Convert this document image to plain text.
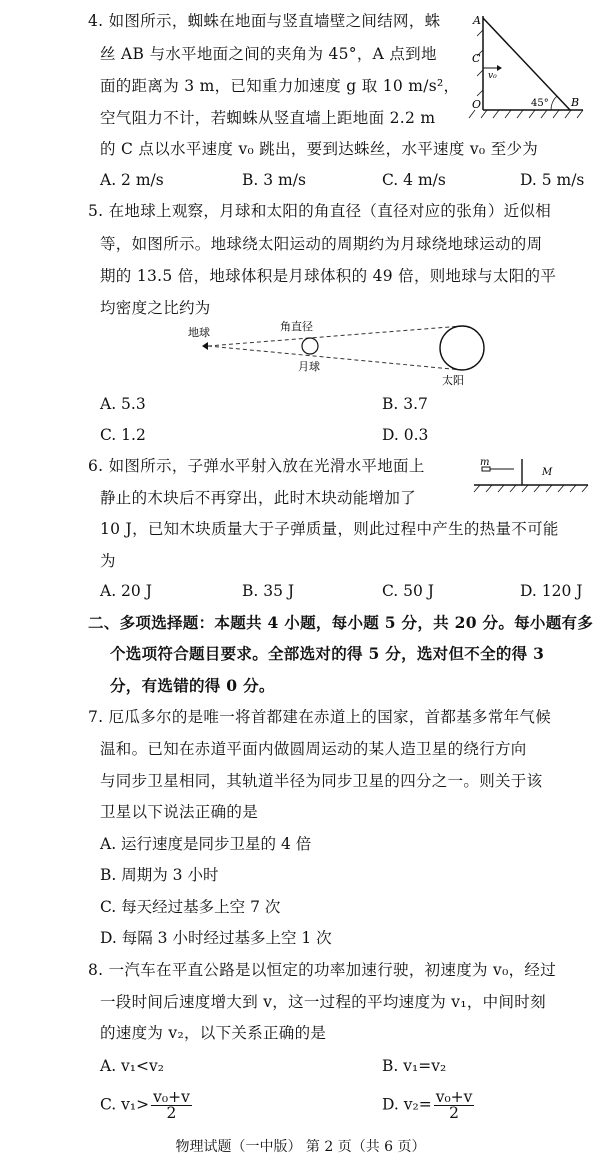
4. 如图所示，蜘蛛在地面与竖直墙壁之间结网，蛛
丝 AB 与水平地面之间的夹角为 45°，A 点到地
面的距离为 3 m，已知重力加速度 g 取 10 m/s²，
空气阻力不计，若蜘蛛从竖直墙上距地面 2.2 m
的 C 点以水平速度 v₀ 跳出，要到达蛛丝，水平速度 v₀ 至少为
A. 2 m/s	B. 3 m/s	C. 4 m/s	D. 5 m/s
A
C
v₀
O	B
45°
5. 在地球上观察，月球和太阳的角直径（直径对应的张角）近似相
等，如图所示。地球绕太阳运动的周期约为月球绕地球运动的周
期的 13.5 倍，地球体积是月球体积的 49 倍，则地球与太阳的平
均密度之比约为
地球	角直径
月球
太阳
A. 5.3	B. 3.7
C. 1.2	D. 0.3
6. 如图所示，子弹水平射入放在光滑水平地面上
静止的木块后不再穿出，此时木块动能增加了
10 J，已知木块质量大于子弹质量，则此过程中产生的热量不可能
为
m
M
A. 20 J	B. 35 J	C. 50 J	D. 120 J
二、多项选择题：本题共 4 小题，每小题 5 分，共 20 分。每小题有多
个选项符合题目要求。全部选对的得 5 分，选对但不全的得 3
分，有选错的得 0 分。
7. 厄瓜多尔的是唯一将首都建在赤道上的国家，首都基多常年气候
温和。已知在赤道平面内做圆周运动的某人造卫星的绕行方向
与同步卫星相同，其轨道半径为同步卫星的四分之一。则关于该
卫星以下说法正确的是
A. 运行速度是同步卫星的 4 倍
B. 周期为 3 小时
C. 每天经过基多上空 7 次
D. 每隔 3 小时经过基多上空 1 次
8. 一汽车在平直公路是以恒定的功率加速行驶，初速度为 v₀，经过
一段时间后速度增大到 v，这一过程的平均速度为 v₁，中间时刻
的速度为 v₂，以下关系正确的是
A. v₁<v₂	B. v₁=v₂
C. $v_1> \frac{\text{v₀+v}}{2}$	D. $v_2= \frac{\text{v₀+v}}{2}$
物理试题（一中版） 第 2 页（共 6 页）
